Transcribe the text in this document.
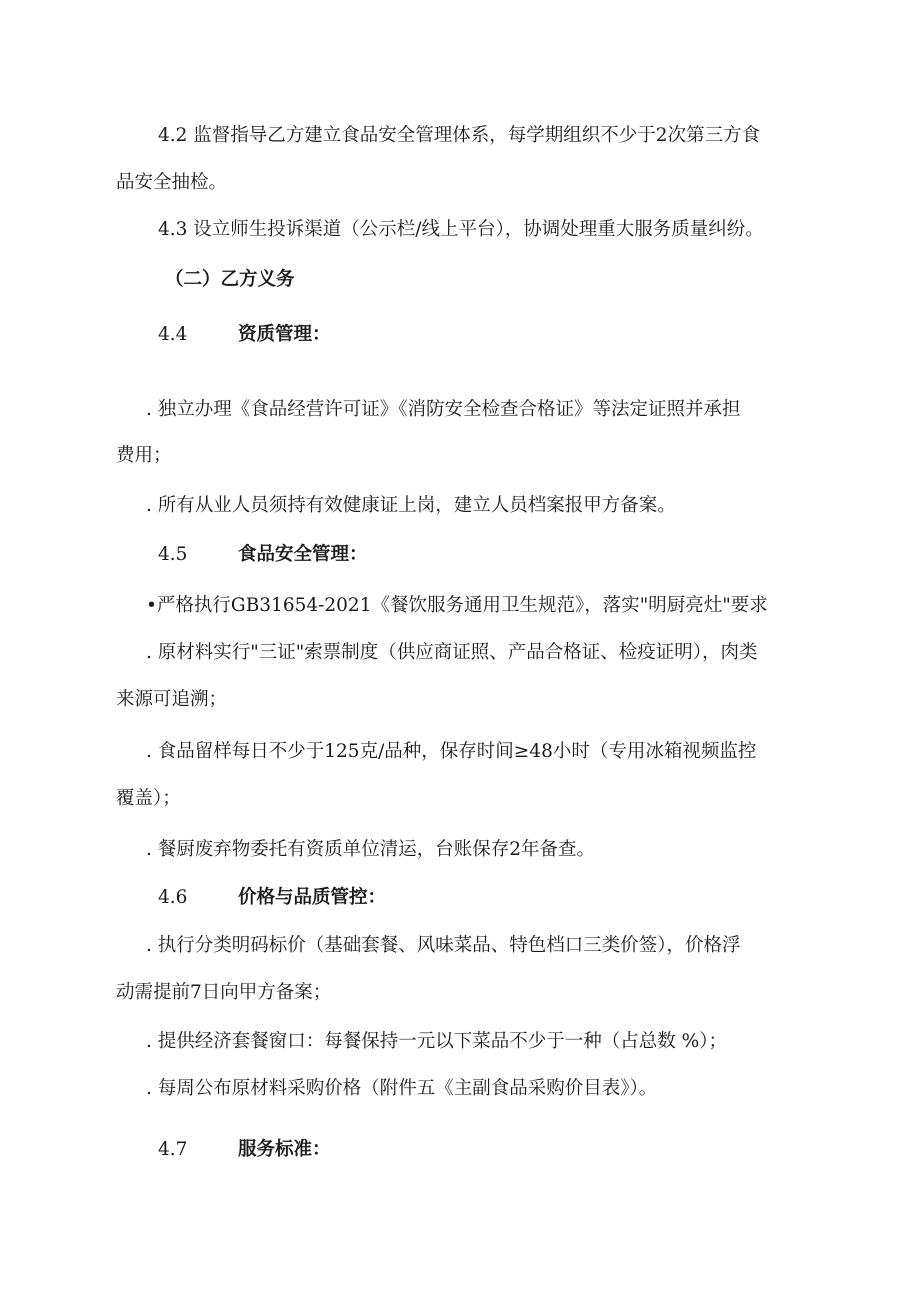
4.2 监督指导乙方建立食品安全管理体系，每学期组织不少于2次第三方食
品安全抽检。
4.3 设立师生投诉渠道（公示栏/线上平台），协调处理重大服务质量纠纷。
（二）乙方义务
4.4	资质管理：
. 独立办理《食品经营许可证》《消防安全检查合格证》等法定证照并承担
费用；
. 所有从业人员须持有效健康证上岗，建立人员档案报甲方备案。
4.5	食品安全管理：
•严格执行GB31654-2021《餐饮服务通用卫生规范》，落实"明厨亮灶"要求
. 原材料实行"三证"索票制度（供应商证照、产品合格证、检疫证明），肉类
来源可追溯；
. 食品留样每日不少于125克/品种，保存时间≥48小时（专用冰箱视频监控
覆盖）；
. 餐厨废弃物委托有资质单位清运，台账保存2年备查。
4.6	价格与品质管控：
. 执行分类明码标价（基础套餐、风味菜品、特色档口三类价签），价格浮
动需提前7日向甲方备案；
. 提供经济套餐窗口：每餐保持一元以下菜品不少于一种（占总数 %）；
. 每周公布原材料采购价格（附件五《主副食品采购价目表》）。
4.7	服务标准：
